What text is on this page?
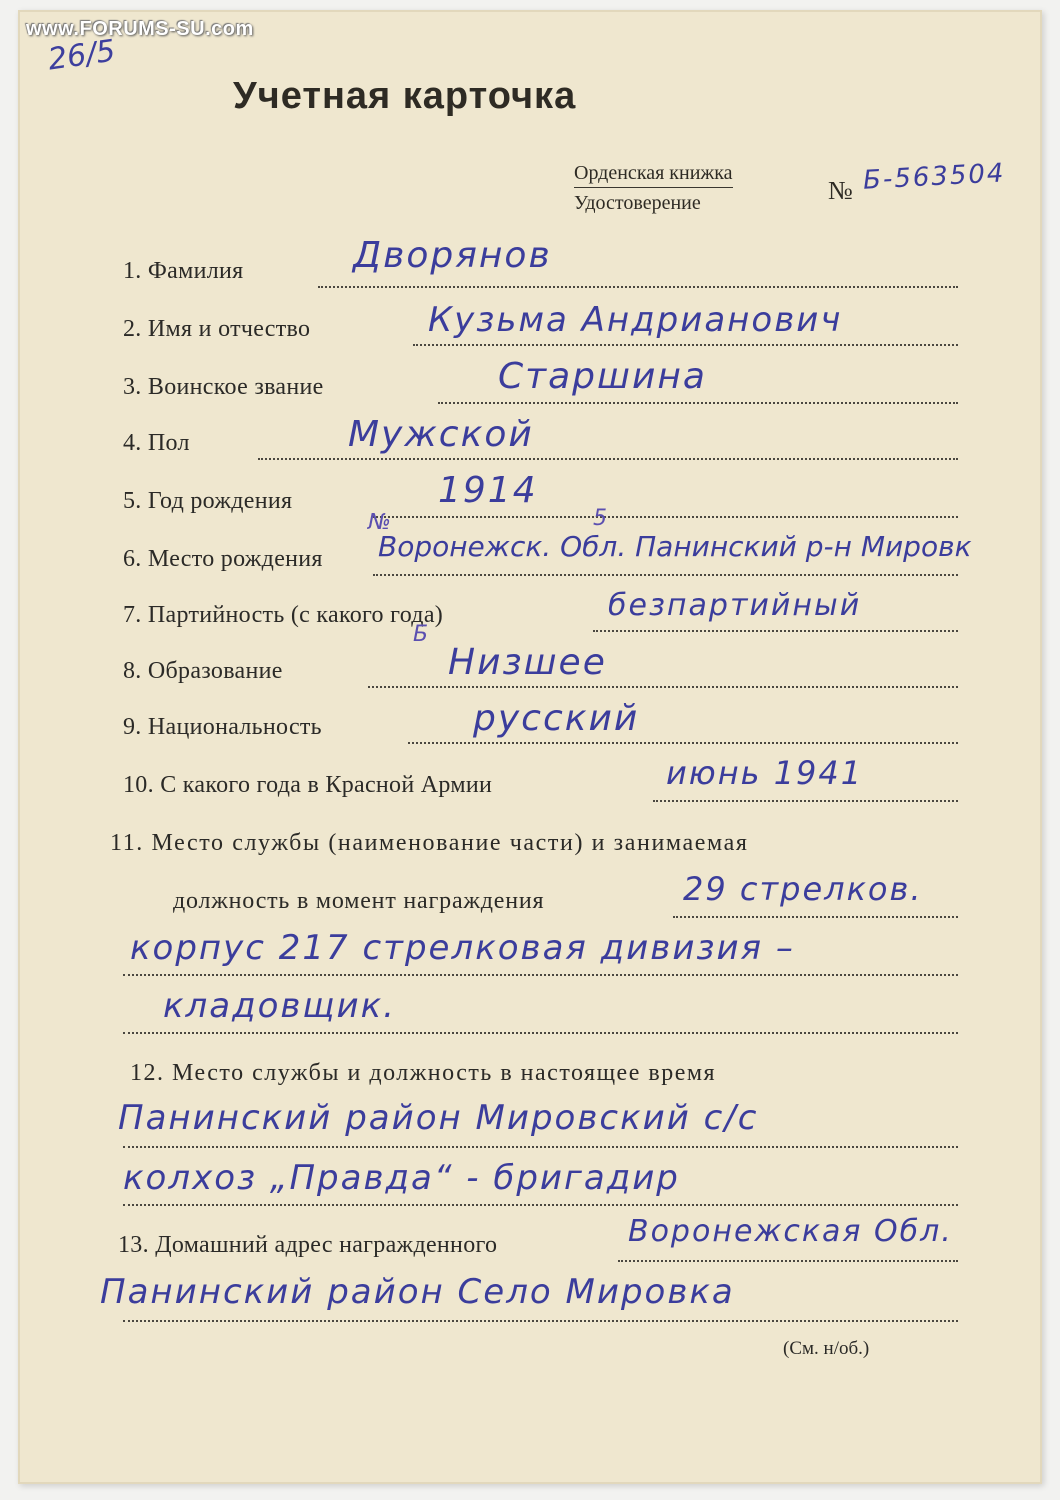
www.FORUMS-SU.com
26/5
Учетная карточка
Орденская книжка
Удостоверение	№ Б-563504
1. Фамилия	Дворянов
2. Имя и отчество	Кузьма Андрианович
3. Воинское звание	Старшина
4. Пол	Мужской
5. Год рождения	1914
6. Место рождения Воронежск. Обл. Панинский р-н Мировк
№	5
7. Партийность (с какого года)	безпартийный
8. Образование	Низшее
Б
9. Национальность	русский
10. С какого года в Красной Армии	июнь 1941
11. Место службы (наименование части) и занимаемая
должность в момент награждения	29 стрелков.
корпус 217 стрелковая дивизия –
кладовщик.
12. Место службы и должность в настоящее время
Панинский район Мировский с/с
колхоз „Правда“ - бригадир
13. Домашний адрес награжденного	Воронежская Обл.
Панинский район Село Мировка
(См. н/об.)
